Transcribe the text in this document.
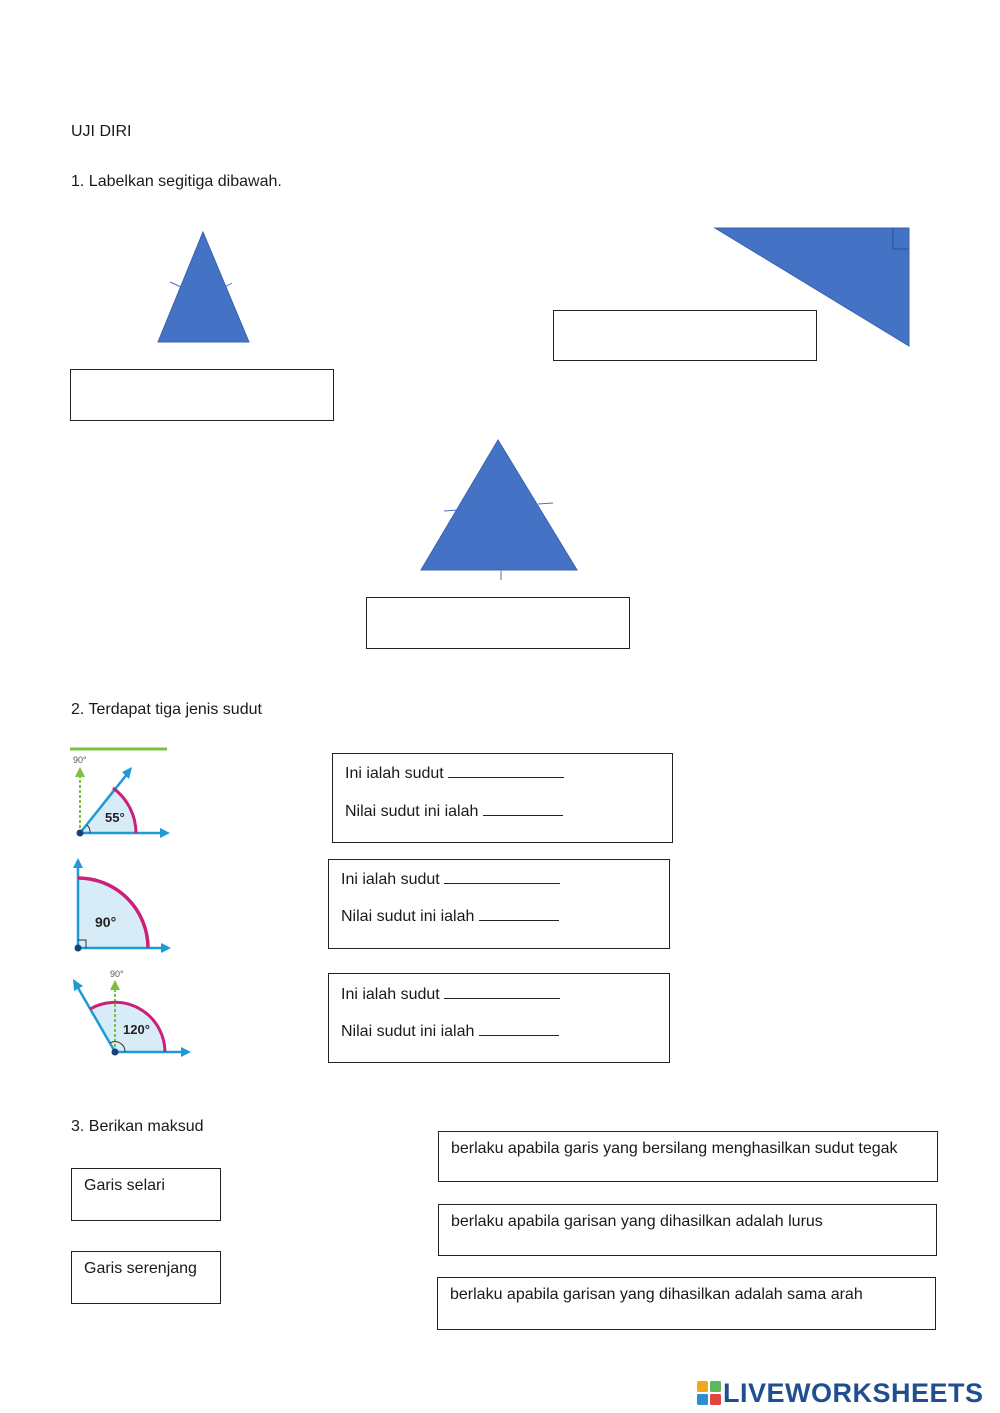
UJI DIRI
1. Labelkan segitiga dibawah.
2. Terdapat tiga jenis sudut
90°
55°
90°
90°
120°
Ini ialah sudut
Nilai sudut ini ialah
Ini ialah sudut
Nilai sudut ini ialah
Ini ialah sudut
Nilai sudut ini ialah
3. Berikan maksud
Garis selari
Garis serenjang
berlaku apabila garis yang bersilang menghasilkan sudut tegak
berlaku apabila garisan yang dihasilkan adalah lurus
berlaku apabila garisan yang dihasilkan adalah sama arah
LIVEWORKSHEETS
